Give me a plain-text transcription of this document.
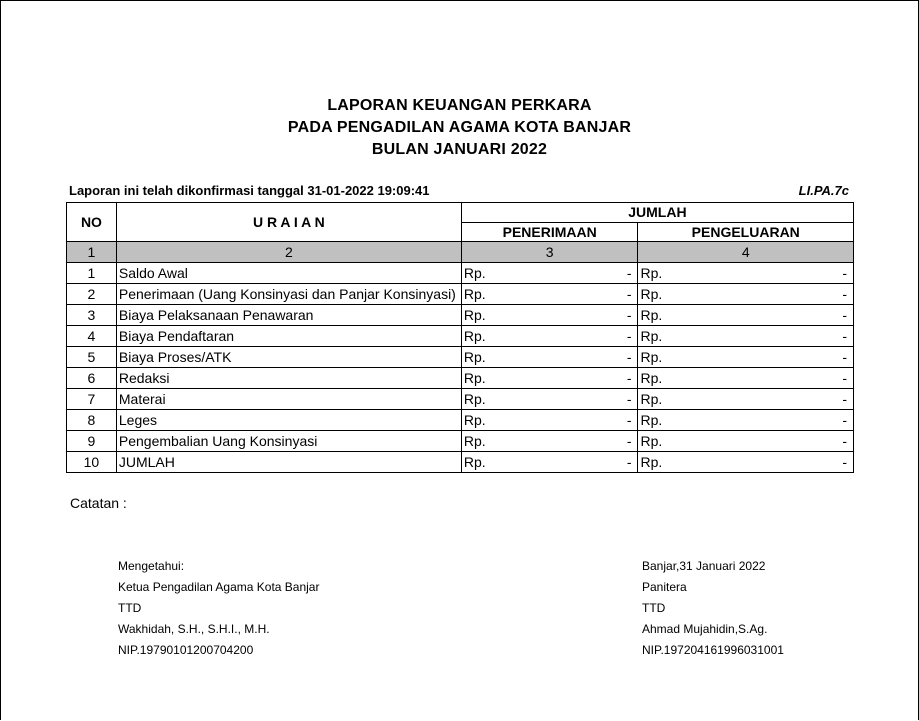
LAPORAN KEUANGAN PERKARA
PADA PENGADILAN AGAMA KOTA BANJAR
BULAN JANUARI 2022
Laporan ini telah dikonfirmasi tanggal 31-01-2022 19:09:41	LI.PA.7c
NO	U R A I A N	JUMLAH	
		PENERIMAAN	PENGELUARAN
1	2	3	4
1	Saldo Awal	Rp. -	Rp. -

2	Penerimaan (Uang Konsinyasi dan Panjar Konsinyasi)	Rp. -	Rp. -

3	Biaya Pelaksanaan Penawaran	Rp. -	Rp. -

4	Biaya Pendaftaran	Rp. -	Rp. -

5	Biaya Proses/ATK	Rp. -	Rp. -

6	Redaksi	Rp. -	Rp. -

7	Materai	Rp. -	Rp. -

8	Leges	Rp. -	Rp. -

9	Pengembalian Uang Konsinyasi	Rp. -	Rp. -

10	JUMLAH	Rp. -	Rp. -

Catatan :
Mengetahui:
Ketua Pengadilan Agama Kota Banjar
TTD
Wakhidah, S.H., S.H.I., M.H.
NIP.19790101200704200
Banjar,31 Januari 2022
Panitera
TTD
Ahmad Mujahidin,S.Ag.
NIP.197204161996031001
